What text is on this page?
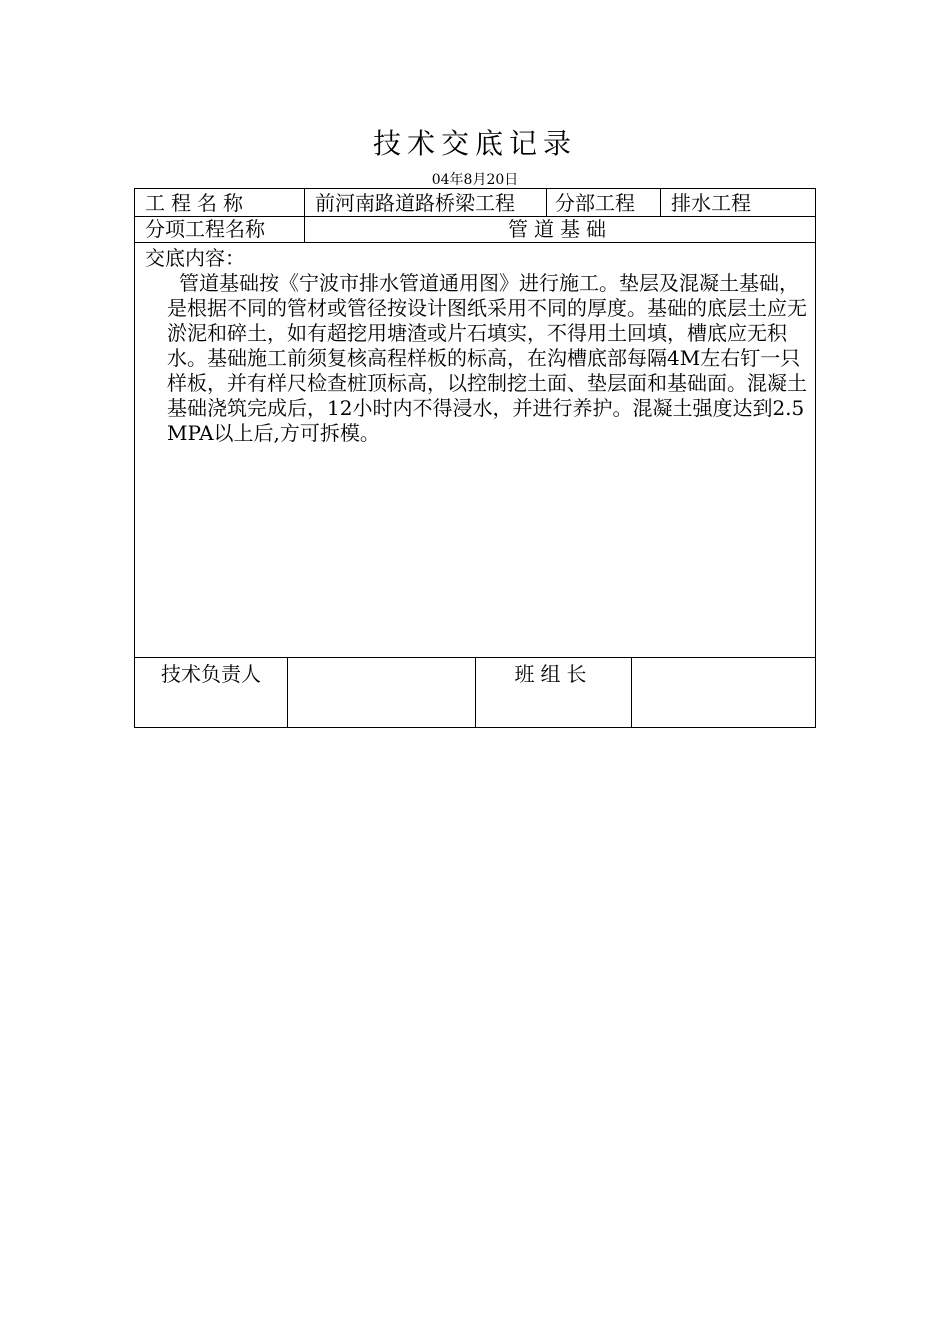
技术交底记录
04年8月20日
工程名称	前河南路道路桥梁工程	分部工程	排水工程
分项工程名称	管道基础
交底内容：
管道基础按《宁波市排水管道通用图》进行施工。垫层及混凝土基础，是根据不同的管材或管径按设计图纸采用不同的厚度。基础的底层土应无淤泥和碎土，如有超挖用塘渣或片石填实，不得用土回填，槽底应无积水。基础施工前须复核高程样板的标高，在沟槽底部每隔4M左右钉一只样板，并有样尺检查桩顶标高，以控制挖土面、垫层面和基础面。混凝土基础浇筑完成后，12小时内不得浸水，并进行养护。混凝土强度达到2.5MPA以上后,方可拆模。
技术负责人	班组长
